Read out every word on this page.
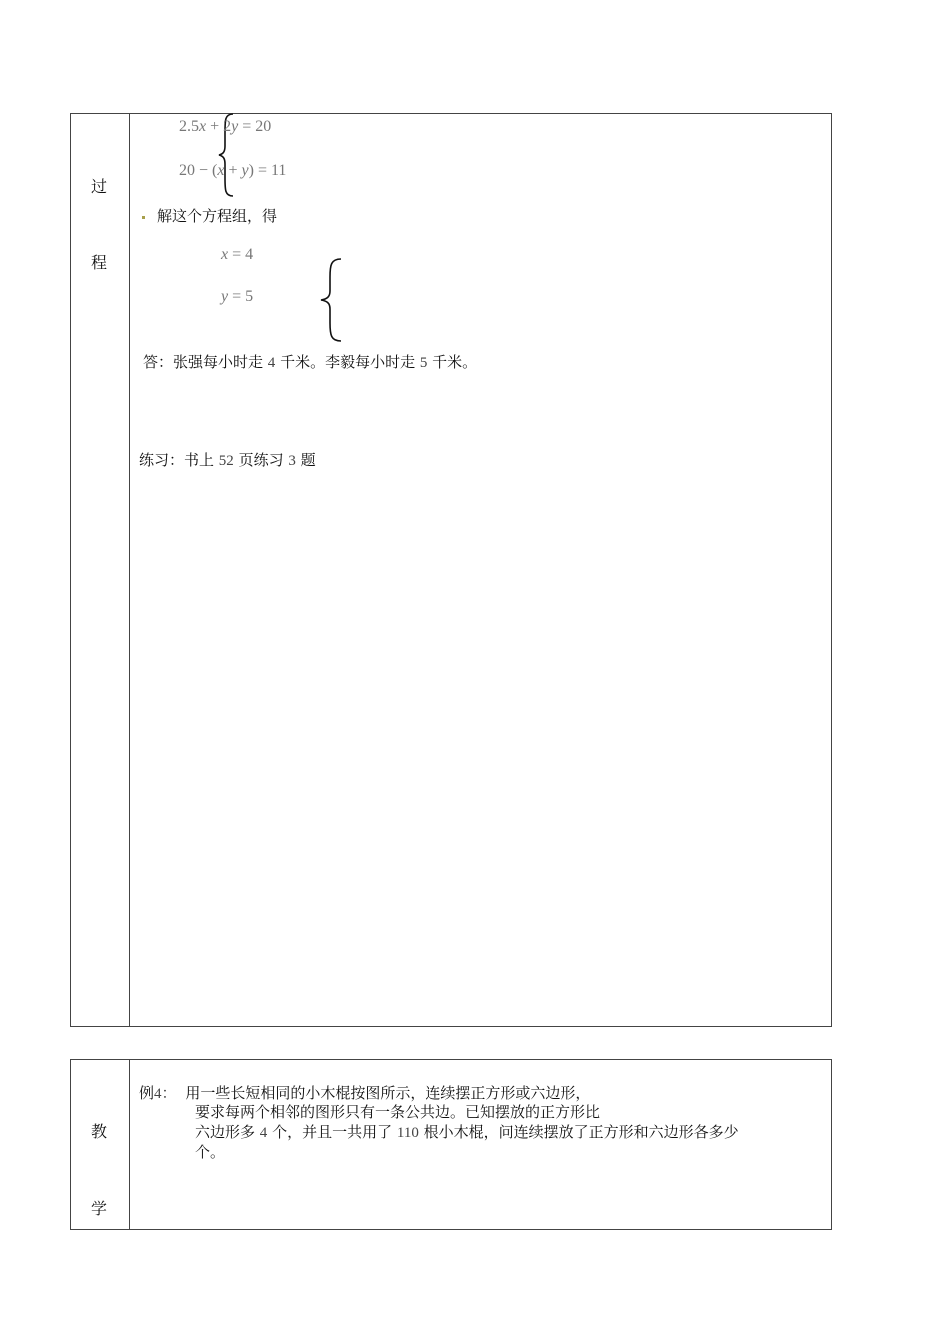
过
程
2.5x + 2y = 20
20 − (x + y) = 11
解这个方程组，得
x = 4
y = 5
答：张强每小时走 4 千米。李毅每小时走 5 千米。
练习：书上 52 页练习 3 题
教
学
例4： 用一些长短相同的小木棍按图所示，连续摆正方形或六边形，
要求每两个相邻的图形只有一条公共边。已知摆放的正方形比
六边形多 4 个，并且一共用了 110 根小木棍，问连续摆放了正方形和六边形各多少
个。
